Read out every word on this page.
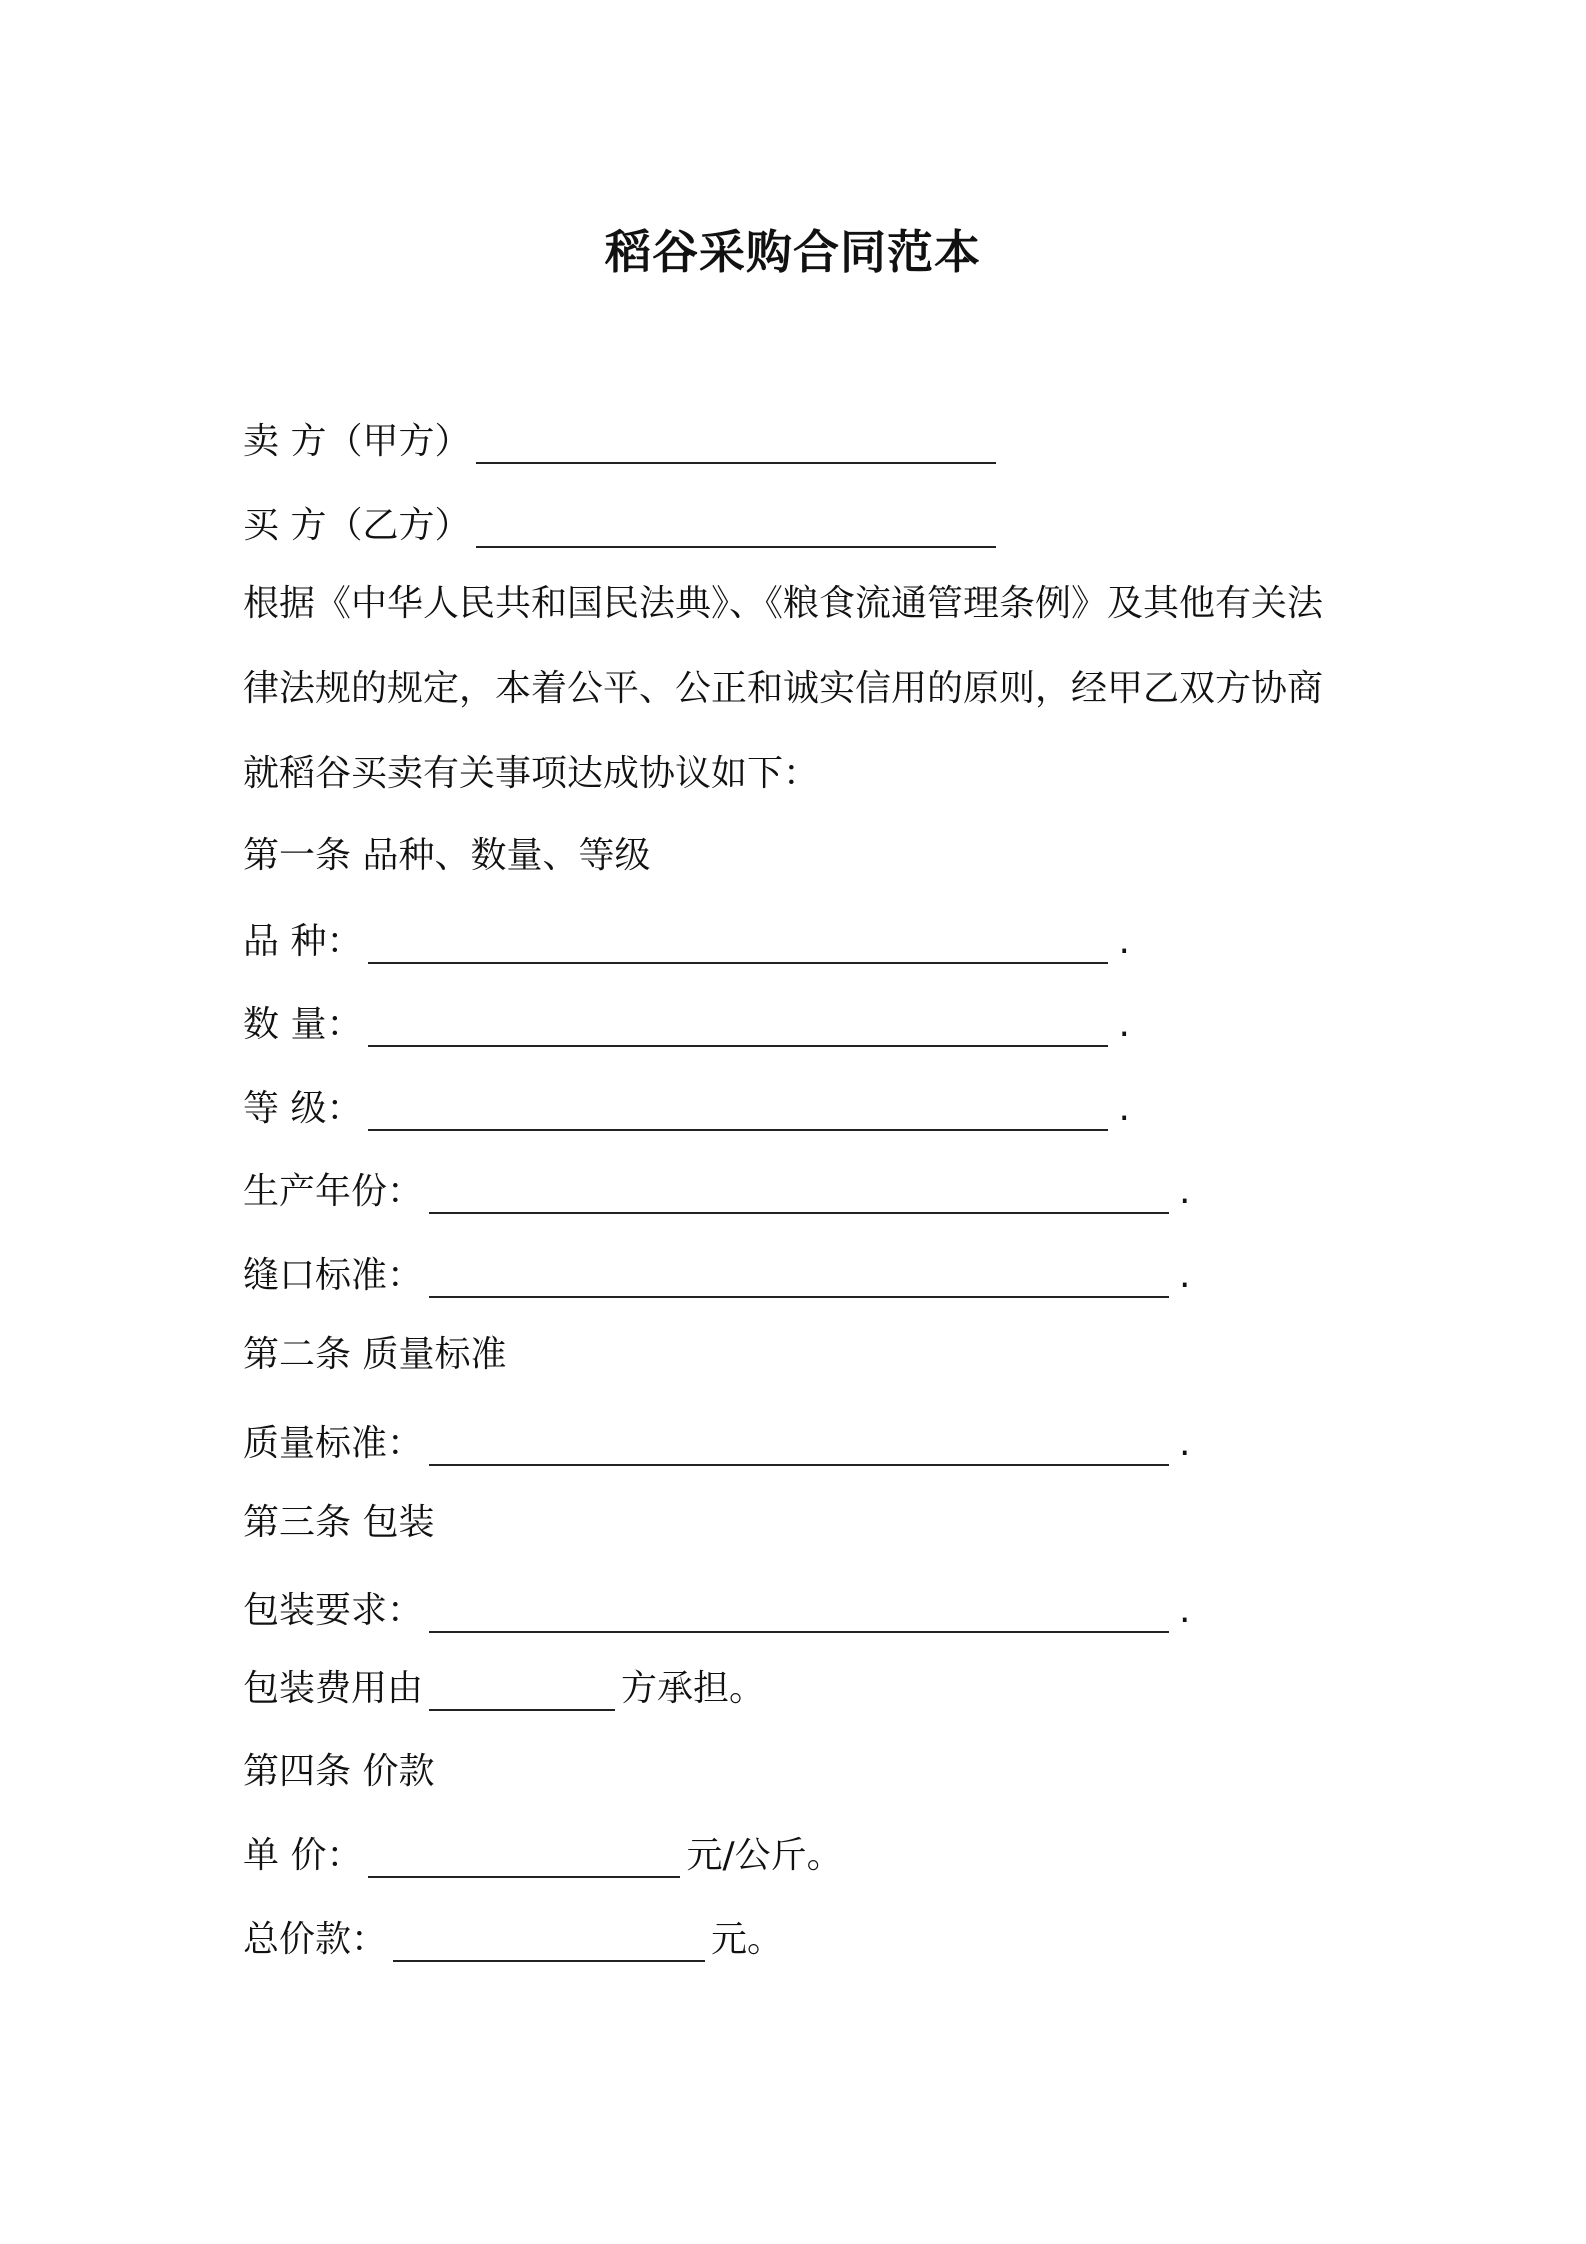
稻谷采购合同范本
卖 方（甲方）
买 方（乙方）
根据《中华人民共和国民法典》、《粮食流通管理条例》及其他有关法
律法规的规定，本着公平、公正和诚实信用的原则，经甲乙双方协商
就稻谷买卖有关事项达成协议如下：
第一条 品种、数量、等级
品 种：	.
数 量：	.
等 级：	.
生产年份：	.
缝口标准：	.
第二条 质量标准
质量标准：	.
第三条 包装
包装要求：	.
包装费用由	方承担。
第四条 价款
单 价：	元/公斤。
总价款：	元。
